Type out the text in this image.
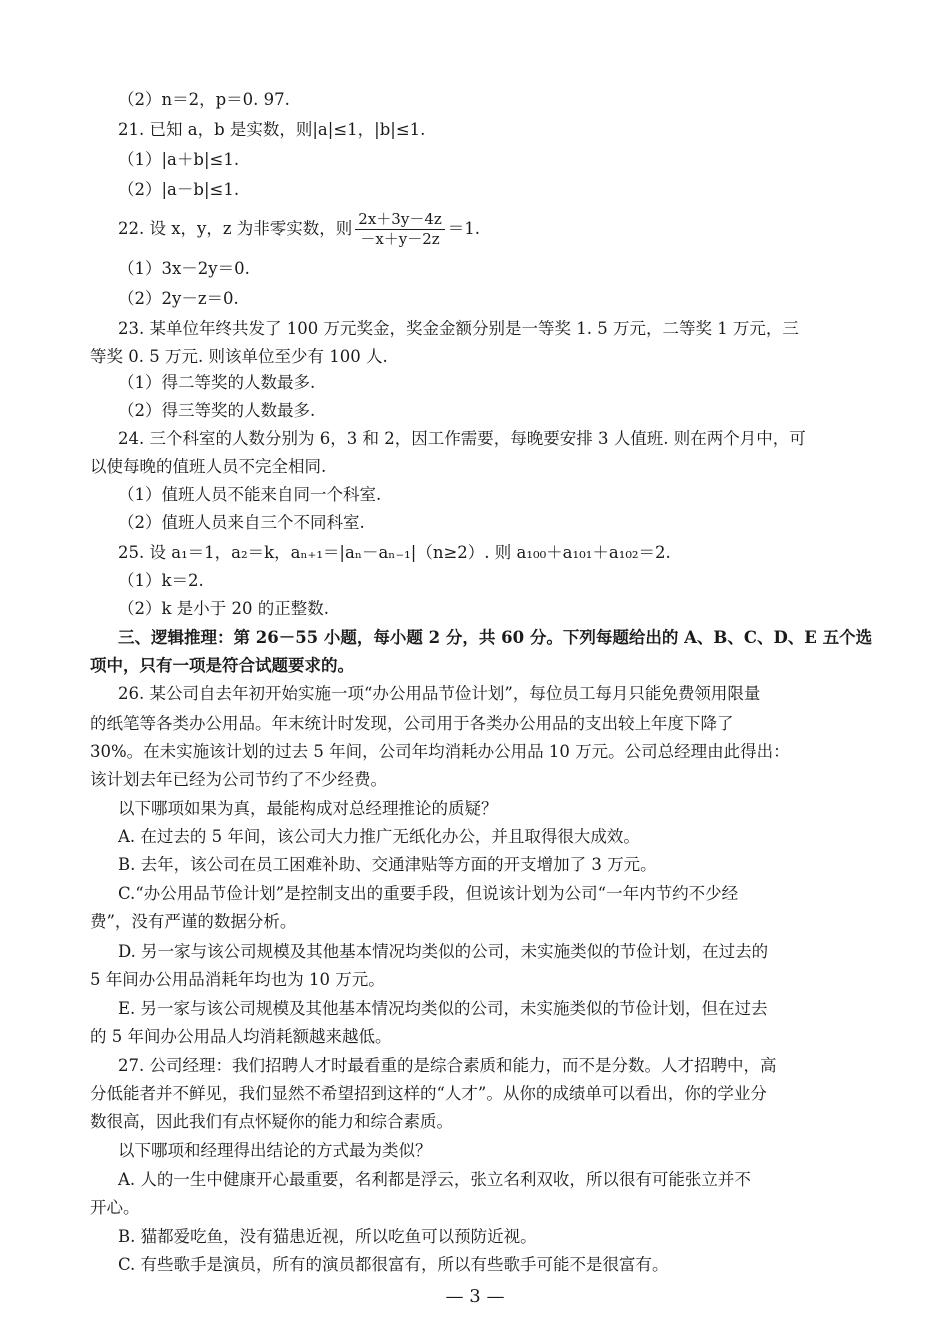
（2）n＝2，p＝0. 97.
21. 已知 a，b 是实数，则|a|≤1，|b|≤1.
（1）|a＋b|≤1.
（2）|a－b|≤1.
22. 设 x，y，z 为非零实数，则 $\frac{2x+3y-4z}{-x+y-2z} =1$.
（1）3x－2y＝0.
（2）2y－z＝0.
23. 某单位年终共发了 100 万元奖金，奖金金额分别是一等奖 1. 5 万元，二等奖 1 万元，三
等奖 0. 5 万元. 则该单位至少有 100 人.
（1）得二等奖的人数最多.
（2）得三等奖的人数最多.
24. 三个科室的人数分别为 6，3 和 2，因工作需要，每晚要安排 3 人值班. 则在两个月中，可
以使每晚的值班人员不完全相同.
（1）值班人员不能来自同一个科室.
（2）值班人员来自三个不同科室.
25. 设 a₁＝1，a₂＝k，aₙ₊₁＝|aₙ－aₙ₋₁|（n≥2）. 则 a₁₀₀＋a₁₀₁＋a₁₀₂＝2.
（1）k＝2.
（2）k 是小于 20 的正整数.
三、逻辑推理：第 26－55 小题，每小题 2 分，共 60 分。下列每题给出的 A、B、C、D、E 五个选
项中，只有一项是符合试题要求的。
26. 某公司自去年初开始实施一项“办公用品节俭计划”，每位员工每月只能免费领用限量
的纸笔等各类办公用品。年末统计时发现，公司用于各类办公用品的支出较上年度下降了
30%。在未实施该计划的过去 5 年间，公司年均消耗办公用品 10 万元。公司总经理由此得出：
该计划去年已经为公司节约了不少经费。
以下哪项如果为真，最能构成对总经理推论的质疑？
A. 在过去的 5 年间，该公司大力推广无纸化办公，并且取得很大成效。
B. 去年，该公司在员工困难补助、交通津贴等方面的开支增加了 3 万元。
C.“办公用品节俭计划”是控制支出的重要手段，但说该计划为公司“一年内节约不少经
费”，没有严谨的数据分析。
D. 另一家与该公司规模及其他基本情况均类似的公司，未实施类似的节俭计划，在过去的
5 年间办公用品消耗年均也为 10 万元。
E. 另一家与该公司规模及其他基本情况均类似的公司，未实施类似的节俭计划，但在过去
的 5 年间办公用品人均消耗额越来越低。
27. 公司经理：我们招聘人才时最看重的是综合素质和能力，而不是分数。人才招聘中，高
分低能者并不鲜见，我们显然不希望招到这样的“人才”。从你的成绩单可以看出，你的学业分
数很高，因此我们有点怀疑你的能力和综合素质。
以下哪项和经理得出结论的方式最为类似？
A. 人的一生中健康开心最重要，名利都是浮云，张立名利双收，所以很有可能张立并不
开心。
B. 猫都爱吃鱼，没有猫患近视，所以吃鱼可以预防近视。
C. 有些歌手是演员，所有的演员都很富有，所以有些歌手可能不是很富有。
— 3 —
